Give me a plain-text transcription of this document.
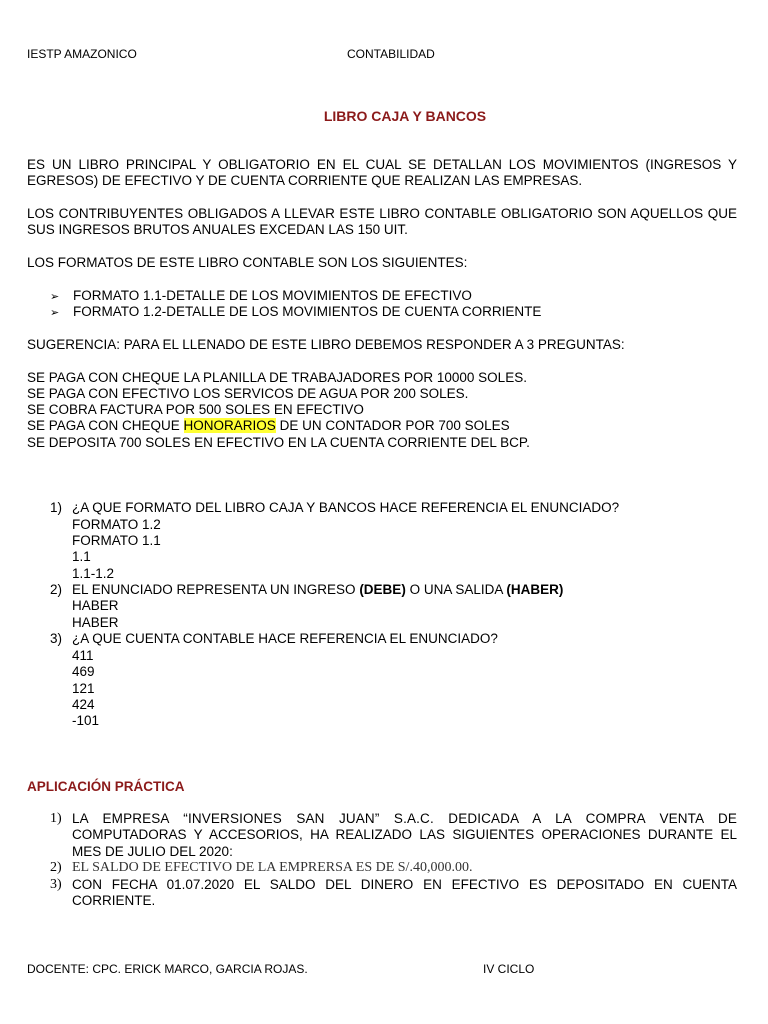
IESTP AMAZONICO	CONTABILIDAD
LIBRO CAJA Y BANCOS

ES UN LIBRO PRINCIPAL Y OBLIGATORIO EN EL CUAL SE DETALLAN LOS MOVIMIENTOS (INGRESOS Y EGRESOS) DE EFECTIVO Y DE CUENTA CORRIENTE QUE REALIZAN LAS EMPRESAS.

LOS CONTRIBUYENTES OBLIGADOS A LLEVAR ESTE LIBRO CONTABLE OBLIGATORIO SON AQUELLOS QUE SUS INGRESOS BRUTOS ANUALES EXCEDAN LAS 150 UIT.

LOS FORMATOS DE ESTE LIBRO CONTABLE SON LOS SIGUIENTES:
➢ FORMATO 1.1-DETALLE DE LOS MOVIMIENTOS DE EFECTIVO
➢ FORMATO 1.2-DETALLE DE LOS MOVIMIENTOS DE CUENTA CORRIENTE
SUGERENCIA: PARA EL LLENADO DE ESTE LIBRO DEBEMOS RESPONDER A 3 PREGUNTAS:
SE PAGA CON CHEQUE LA PLANILLA DE TRABAJADORES POR 10000 SOLES.
SE PAGA CON EFECTIVO LOS SERVICOS DE AGUA POR 200 SOLES.
SE COBRA FACTURA POR 500 SOLES EN EFECTIVO
SE PAGA CON CHEQUE HONORARIOS DE UN CONTADOR POR 700 SOLES
SE DEPOSITA 700 SOLES EN EFECTIVO EN LA CUENTA CORRIENTE DEL BCP.
1) ¿A QUE FORMATO DEL LIBRO CAJA Y BANCOS HACE REFERENCIA EL ENUNCIADO?
FORMATO 1.2
FORMATO 1.1
1.1
1.1-1.2
2) EL ENUNCIADO REPRESENTA UN INGRESO (DEBE) O UNA SALIDA (HABER)
HABER
HABER
3) ¿A QUE CUENTA CONTABLE HACE REFERENCIA EL ENUNCIADO?
411
469
121
424
-101
APLICACIÓN PRÁCTICA
1) LA EMPRESA “INVERSIONES SAN JUAN” S.A.C. DEDICADA A LA COMPRA VENTA DE
COMPUTADORAS Y ACCESORIOS, HA REALIZADO LAS SIGUIENTES OPERACIONES DURANTE EL
MES DE JULIO DEL 2020:
2) EL SALDO DE EFECTIVO DE LA EMPRERSA ES DE S/.40,000.00.
3) CON FECHA 01.07.2020 EL SALDO DEL DINERO EN EFECTIVO ES DEPOSITADO EN CUENTA
CORRIENTE.
DOCENTE: CPC. ERICK MARCO, GARCIA ROJAS.	IV CICLO
